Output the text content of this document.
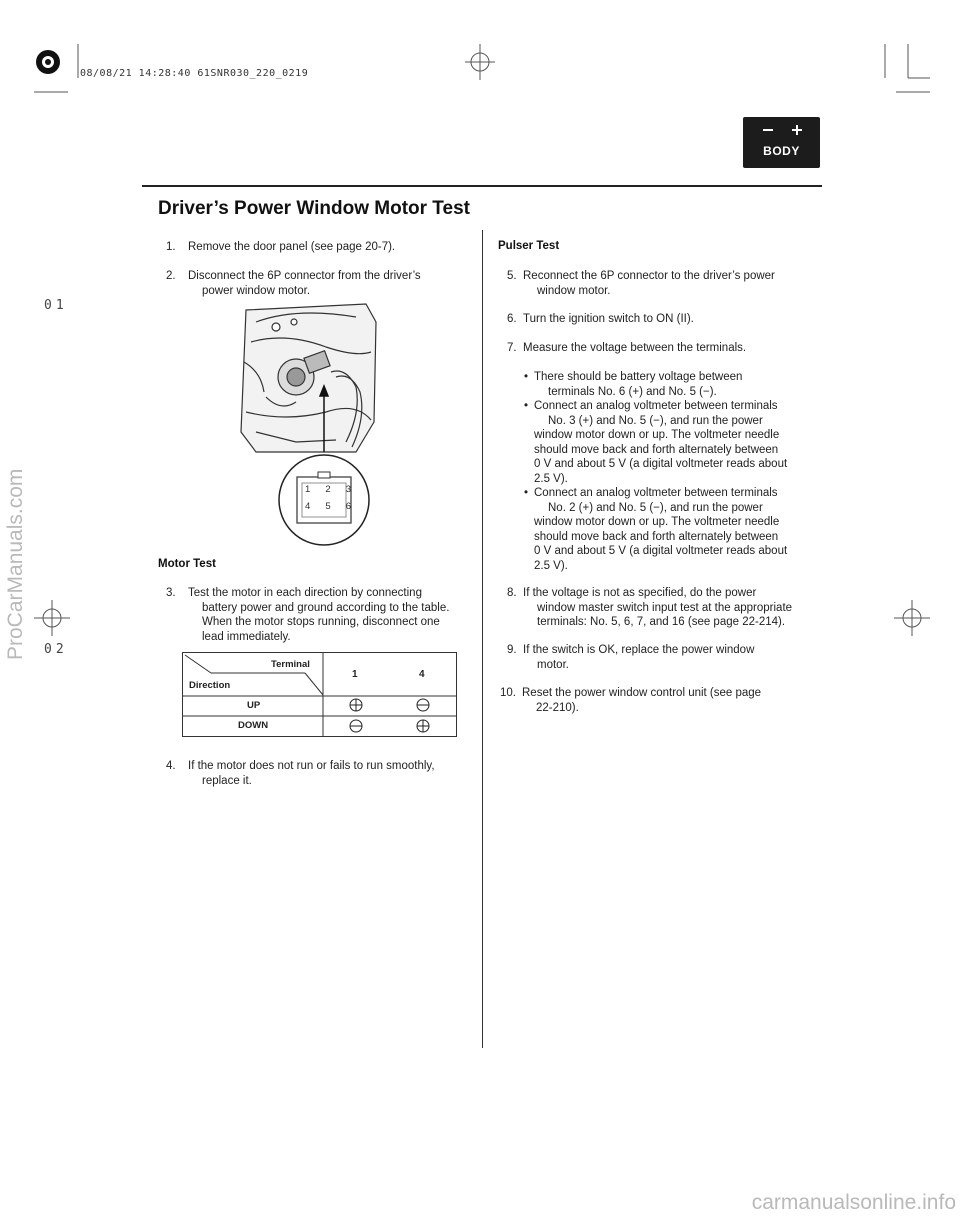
08/08/21 14:28:40 61SNR030_220_0219
01
02
ProCarManuals.com
carmanualsonline.info
BODY
Driver’s Power Window Motor Test
1. Remove the door panel (see page 20-7).
2. Disconnect the 6P connector from the driver’s
power window motor.
1 2 3
4 5 6
Motor Test
3. Test the motor in each direction by connecting
battery power and ground according to the table.
When the motor stops running, disconnect one
lead immediately.
Terminal
Direction
1	4
UP
DOWN
4. If the motor does not run or fails to run smoothly,
replace it.
Pulser Test
5. Reconnect the 6P connector to the driver’s power
window motor.
6. Turn the ignition switch to ON (II).
7. Measure the voltage between the terminals.
• There should be battery voltage between
terminals No. 6 (+) and No. 5 (−).
• Connect an analog voltmeter between terminals
No. 3 (+) and No. 5 (−), and run the power
window motor down or up. The voltmeter needle
should move back and forth alternately between
0 V and about 5 V (a digital voltmeter reads about
2.5 V).
• Connect an analog voltmeter between terminals
No. 2 (+) and No. 5 (−), and run the power
window motor down or up. The voltmeter needle
should move back and forth alternately between
0 V and about 5 V (a digital voltmeter reads about
2.5 V).
8. If the voltage is not as specified, do the power
window master switch input test at the appropriate
terminals: No. 5, 6, 7, and 16 (see page 22-214).
9. If the switch is OK, replace the power window
motor.
10. Reset the power window control unit (see page
22-210).
